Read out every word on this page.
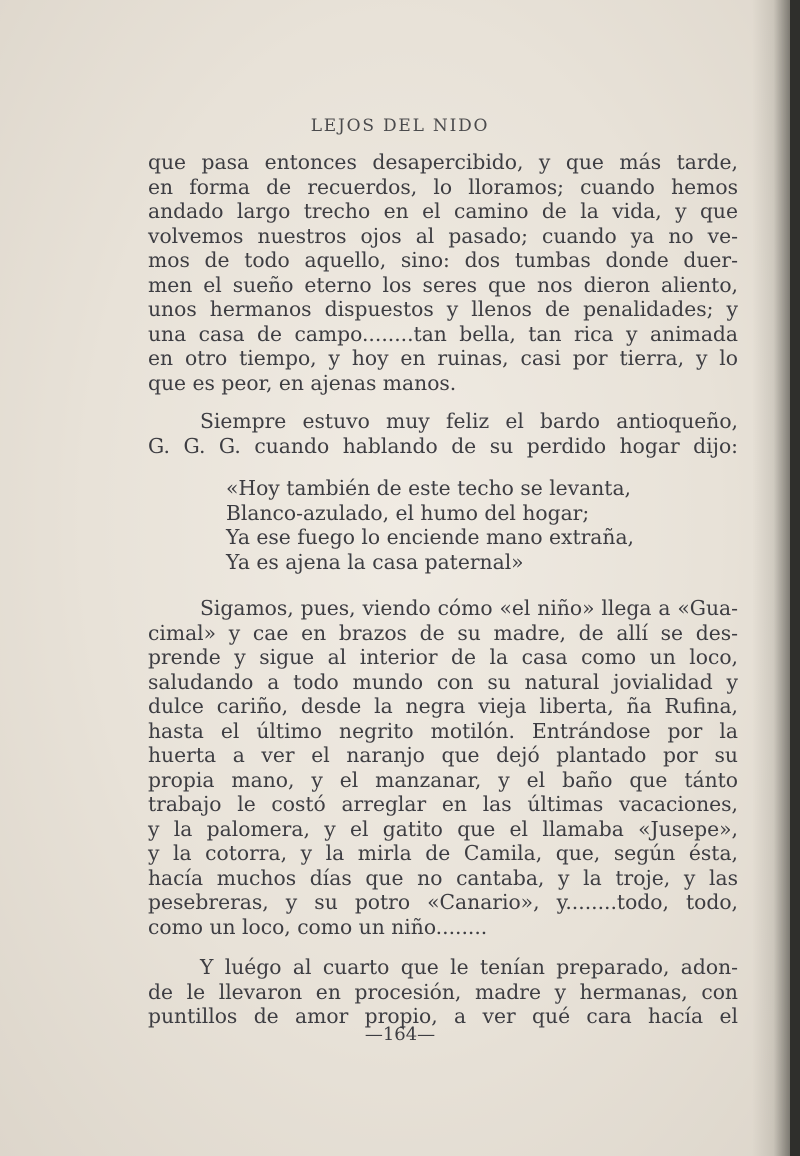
LEJOS DEL NIDO
que pasa entonces desapercibido, y que más tarde,
en forma de recuerdos, lo lloramos; cuando hemos
andado largo trecho en el camino de la vida, y que
volvemos nuestros ojos al pasado; cuando ya no ve-
mos de todo aquello, sino: dos tumbas donde duer-
men el sueño eterno los seres que nos dieron aliento,
unos hermanos dispuestos y llenos de penalidades; y
una casa de campo........tan bella, tan rica y animada
en otro tiempo, y hoy en ruinas, casi por tierra, y lo
que es peor, en ajenas manos.
Siempre estuvo muy feliz el bardo antioqueño,
G. G. G. cuando hablando de su perdido hogar dijo:
«Hoy también de este techo se levanta,
Blanco-azulado, el humo del hogar;
Ya ese fuego lo enciende mano extraña,
Ya es ajena la casa paternal»
Sigamos, pues, viendo cómo «el niño» llega a «Gua-
cimal» y cae en brazos de su madre, de allí se des-
prende y sigue al interior de la casa como un loco,
saludando a todo mundo con su natural jovialidad y
dulce cariño, desde la negra vieja liberta, ña Rufina,
hasta el último negrito motilón. Entrándose por la
huerta a ver el naranjo que dejó plantado por su
propia mano, y el manzanar, y el baño que tánto
trabajo le costó arreglar en las últimas vacaciones,
y la palomera, y el gatito que el llamaba «Jusepe»,
y la cotorra, y la mirla de Camila, que, según ésta,
hacía muchos días que no cantaba, y la troje, y las
pesebreras, y su potro «Canario», y........todo, todo,
como un loco, como un niño........
Y luégo al cuarto que le tenían preparado, adon-
de le llevaron en procesión, madre y hermanas, con
puntillos de amor propio, a ver qué cara hacía el
—164—
